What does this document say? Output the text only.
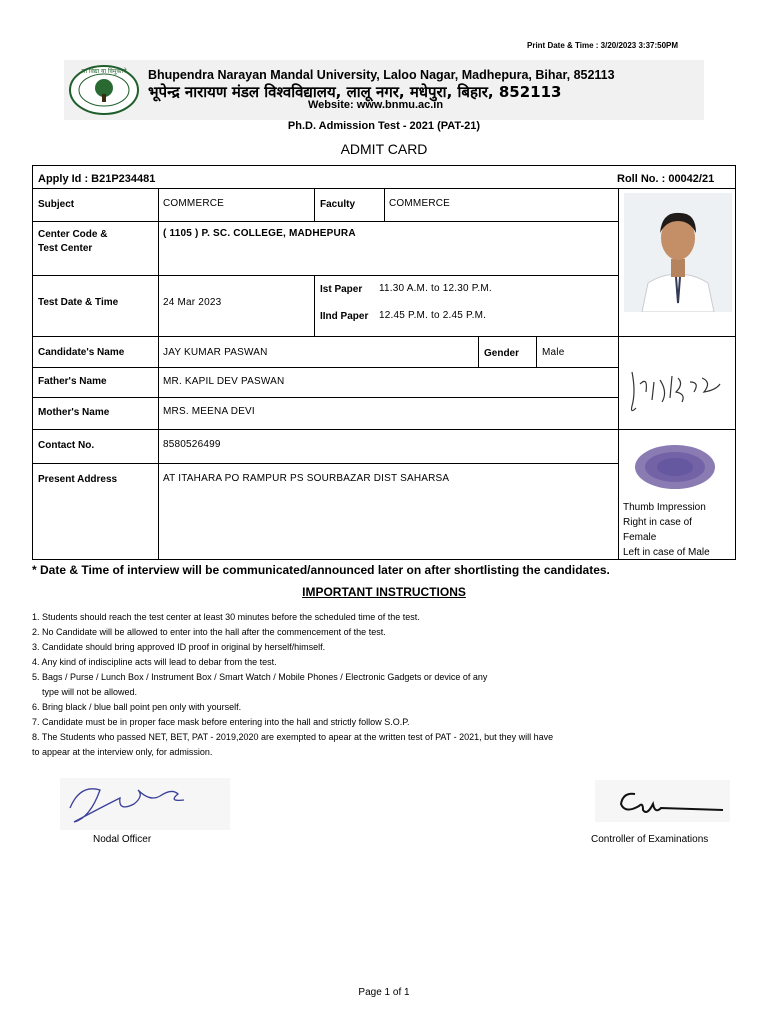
Print Date & Time : 3/20/2023 3:37:50PM
सा विद्या या विमुक्तये Bhupendra Narayan Mandal University, Laloo Nagar, Madhepura, Bihar, 852113
भूपेन्द्र नारायण मंडल विश्वविद्यालय, लालू नगर, मधेपुरा, बिहार, 852113
Website: www.bnmu.ac.in
Ph.D. Admission Test - 2021 (PAT-21)
ADMIT CARD
Apply Id : B21P234481	Roll No. : 00042/21
Subject	COMMERCE	Faculty	COMMERCE
Center Code &
Test Center
( 1105 ) P. SC. COLLEGE, MADHEPURA
Test Date & Time	24 Mar 2023
Ist Paper 11.30 A.M. to 12.30 P.M.
IInd Paper 12.45 P.M. to 2.45 P.M.
Candidate's Name	JAY KUMAR PASWAN	Gender Male
Father's Name	MR. KAPIL DEV PASWAN
Mother's Name	MRS. MEENA DEVI
Contact No.	8580526499
Present Address	AT ITAHARA PO RAMPUR PS SOURBAZAR DIST SAHARSA
Thumb Impression
Right in case of
Female
Left in case of Male
* Date & Time of interview will be communicated/announced later on after shortlisting the candidates.
IMPORTANT INSTRUCTIONS
1. Students should reach the test center at least 30 minutes before the scheduled time of the test.
2. No Candidate will be allowed to enter into the hall after the commencement of the test.
3. Candidate should bring approved ID proof in original by herself/himself.
4. Any kind of indiscipline acts will lead to debar from the test.
5. Bags / Purse / Lunch Box / Instrument Box / Smart Watch / Mobile Phones / Electronic Gadgets or device of any
type will not be allowed.
6. Bring black / blue ball point pen only with yourself.
7. Candidate must be in proper face mask before entering into the hall and strictly follow S.O.P.
8. The Students who passed NET, BET, PAT - 2019,2020 are exempted to apear at the written test of PAT - 2021, but they will have
to appear at the interview only, for admission.
Nodal Officer	Controller of Examinations
Page 1 of 1
